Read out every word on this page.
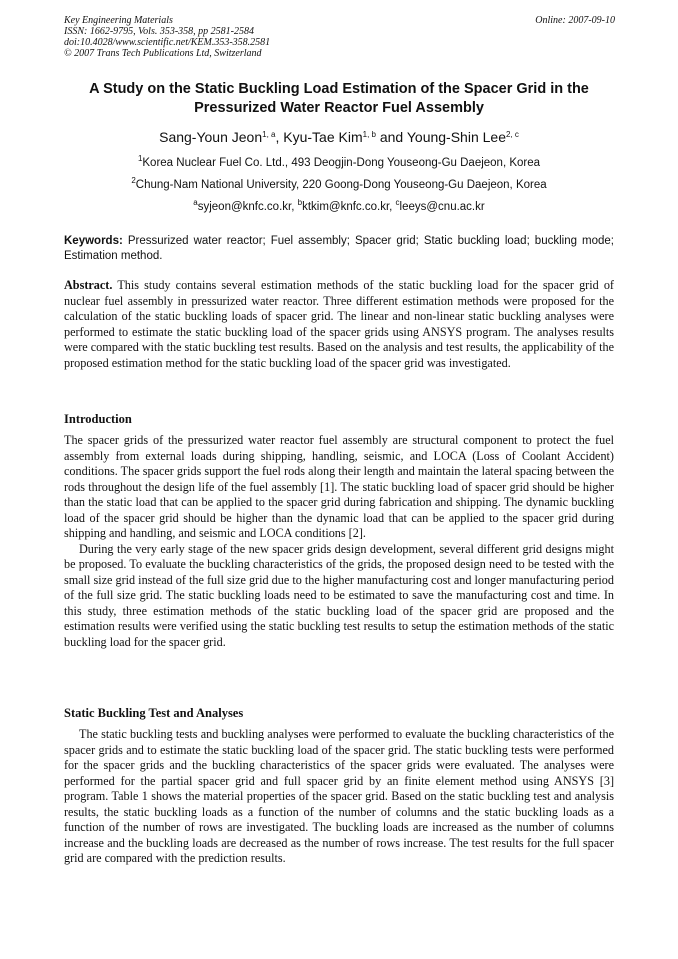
Key Engineering Materials
ISSN: 1662-9795, Vols. 353-358, pp 2581-2584
doi:10.4028/www.scientific.net/KEM.353-358.2581
© 2007 Trans Tech Publications Ltd, Switzerland
Online: 2007-09-10
A Study on the Static Buckling Load Estimation of the Spacer Grid in the
Pressurized Water Reactor Fuel Assembly
Sang-Youn Jeon$^{1, a}$, Kyu-Tae Kim$^{1, b}$ and Young-Shin Lee$^{2, c}$
$^1$Korea Nuclear Fuel Co. Ltd., 493 Deogjin-Dong Youseong-Gu Daejeon, Korea
$^2$Chung-Nam National University, 220 Goong-Dong Youseong-Gu Daejeon, Korea
$^a$syjeon@knfc.co.kr, $^b$ktkim@knfc.co.kr, $^c$leeys@cnu.ac.kr
Keywords: Pressurized water reactor; Fuel assembly; Spacer grid; Static buckling load; buckling mode; Estimation method.
Abstract. This study contains several estimation methods of the static buckling load for the spacer grid of nuclear fuel assembly in pressurized water reactor. Three different estimation methods were proposed for the calculation of the static buckling loads of spacer grid. The linear and non-linear static buckling analyses were performed to estimate the static buckling load of the spacer grids using ANSYS program. The analyses results were compared with the static buckling test results. Based on the analysis and test results, the applicability of the proposed estimation method for the static buckling load of the spacer grid was investigated.
Introduction

The spacer grids of the pressurized water reactor fuel assembly are structural component to protect the fuel assembly from external loads during shipping, handling, seismic, and LOCA (Loss of Coolant Accident) conditions. The spacer grids support the fuel rods along their length and maintain the lateral spacing between the rods throughout the design life of the fuel assembly [1]. The static buckling load of spacer grid should be higher than the static load that can be applied to the spacer grid during fabrication and shipping. The dynamic buckling load of the spacer grid should be higher than the dynamic load that can be applied to the spacer grid during shipping and handling, and seismic and LOCA conditions [2].

During the very early stage of the new spacer grids design development, several different grid designs might be proposed. To evaluate the buckling characteristics of the grids, the proposed design need to be tested with the small size grid instead of the full size grid due to the higher manufacturing cost and longer manufacturing period of the full size grid. The static buckling loads need to be estimated to save the manufacturing cost and time. In this study, three estimation methods of the static buckling load of the spacer grid are proposed and the estimation results were verified using the static buckling test results to setup the estimation methods of the static buckling load for the spacer grid.

Static Buckling Test and Analyses

The static buckling tests and buckling analyses were performed to evaluate the buckling characteristics of the spacer grids and to estimate the static buckling load of the spacer grid. The static buckling tests were performed for the spacer grids and the buckling characteristics of the spacer grids were evaluated. The analyses were performed for the partial spacer grid and full spacer grid by an finite element method using ANSYS [3] program. Table 1 shows the material properties of the spacer grid. Based on the static buckling test and analysis results, the static buckling loads as a function of the number of columns and the static buckling loads as a function of the number of rows are investigated. The buckling loads are increased as the number of columns increase and the buckling loads are decreased as the number of rows increase. The test results for the full spacer grid are compared with the prediction results.
